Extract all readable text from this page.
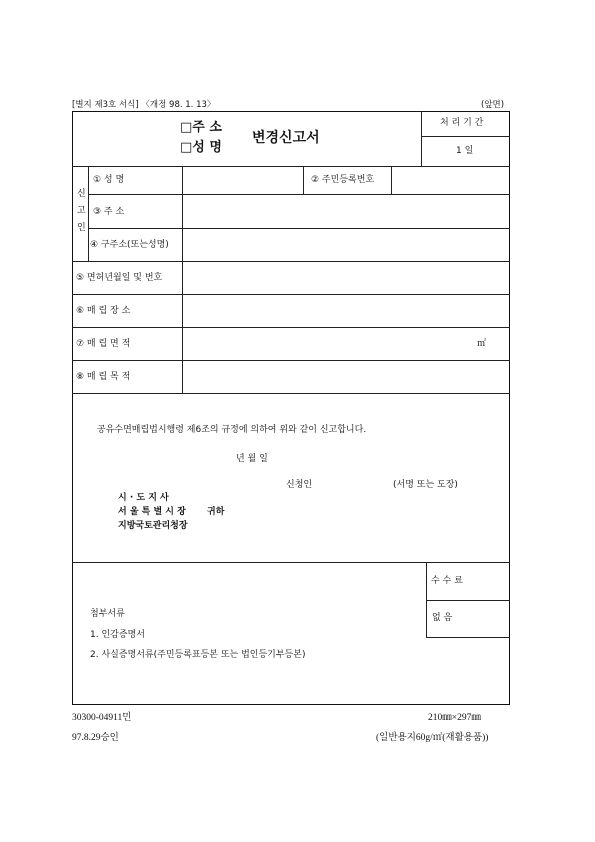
[별지 제3호 서식] 〈개정 98. 1. 13〉	(앞면)
□주 소
□성 명
변경신고서
처 리 기 간
1 일
신
고
인
① 성 명	② 주민등록번호
③ 주 소
④ 구주소(또는성명)
⑤ 면허년월일 및 번호
⑥ 매 립 장 소
⑦ 매 립 면 적	㎡
⑧ 매 립 목 적
공유수면매립법시행령 제6조의 규정에 의하여 위와 같이 신고합니다.
년 월 일
신청인	(서명 또는 도장)
시 · 도 지 사
서 울 특 별 시 장 귀하
지방국토관리청장
수 수 료
없 음
첨부서류
1. 인감증명서
2. 사실증명서류(주민등록표등본 또는 법인등기부등본)
30300-04911민
97.8.29승인
210㎜×297㎜
(일반용지60g/㎡(재활용품))
